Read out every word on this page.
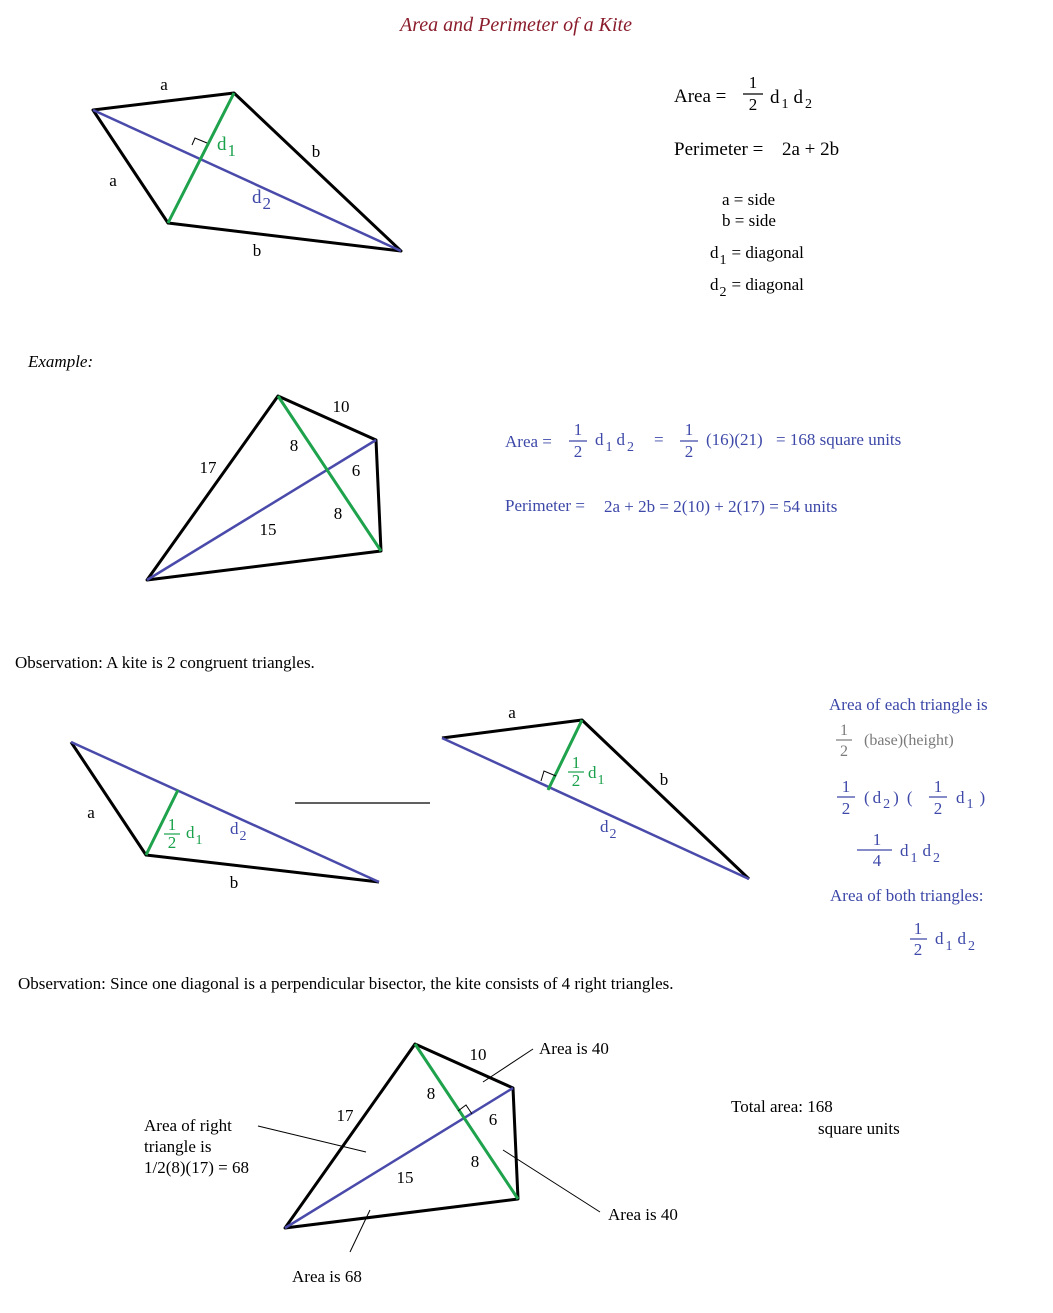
Area and Perimeter of a Kite
a
a
b
b
d1
d2
Area =
1
2 d $_1$ d $_2$
Perimeter = 2a + 2b
a = side
b = side
$d_1$ = diagonal
$d_2$ = diagonal
Example:
10
17
8
6
8
15
Area =
1
2
d $_1$ d $_2$ =
1
2
(16)(21) = 168 square units
Perimeter = 2a + 2b = 2(10) + 2(17) = 54 units
Observation: A kite is 2 congruent triangles.
a
b
1
2
$d_1$
$d_2$
a
b
1
2 $d_1$
$d_2$
Area of each triangle is
1
2
(base)(height)
1
2
( d $_2$ ) (
1
2
d $_1$ )
1
4
d $_1$ d $_2$
Area of both triangles:
1
2
d $_1$ d $_2$
Observation: Since one diagonal is a perpendicular bisector, the kite consists of 4 right triangles.
10
17
8
6
8
15
Area is 40
Area is 40
Area is 68
Area of right
triangle is
1/2(8)(17) = 68
Total area: 168
square units
